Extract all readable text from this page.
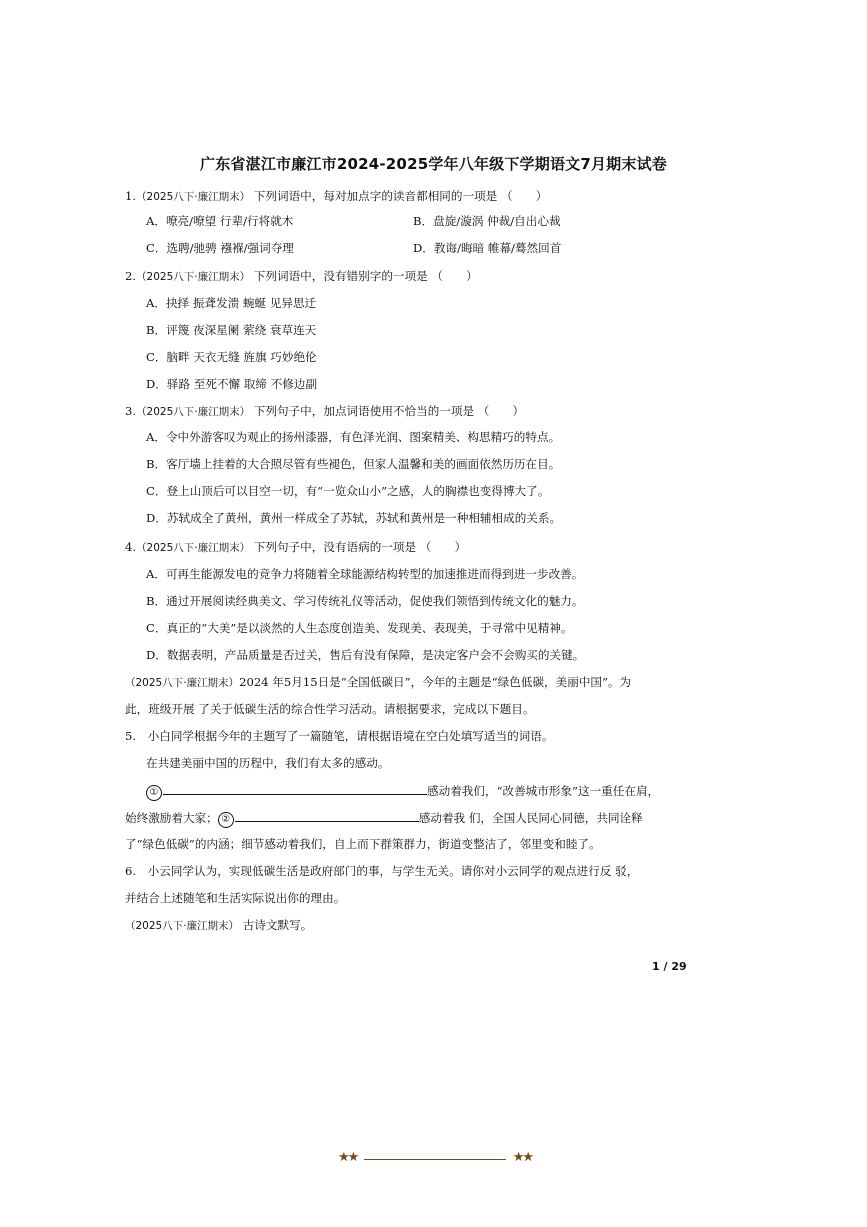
广东省湛江市廉江市2024-2025学年八年级下学期语文7月期末试卷
1.（2025八下·廉江期末） 下列词语中，每对加点字的读音都相同的一项是 （　　）
A．嘹亮/嘹望 行辈/行将就木	B．盘旋/漩涡 仲裁/自出心裁
C．选聘/驰骋 襁褓/强词夺理	D．教诲/晦暗 帷幕/蓦然回首
2.（2025八下·廉江期末） 下列词语中，没有错别字的一项是 （　　）
A．抉择 振聋发溃 蜿蜒 见异思迁
B．评篾 夜深星阑 萦绕 衰草连天
C．脑畔 天衣无缝 旌旗 巧妙绝伦
D．驿路 至死不懈 取缔 不修边副
3.（2025八下·廉江期末） 下列句子中，加点词语使用不恰当的一项是 （　　）
A．令中外游客叹为观止的扬州漆器，有色泽光润、图案精美、构思精巧的特点。
B．客厅墙上挂着的大合照尽管有些褪色，但家人温馨和美的画面依然历历在目。
C．登上山顶后可以目空一切，有“一览众山小”之感，人的胸襟也变得博大了。
D．苏轼成全了黄州，黄州一样成全了苏轼，苏轼和黄州是一种相辅相成的关系。
4.（2025八下·廉江期末） 下列句子中，没有语病的一项是 （　　）
A．可再生能源发电的竞争力将随着全球能源结构转型的加速推进而得到进一步改善。
B．通过开展阅读经典美文、学习传统礼仪等活动，促使我们领悟到传统文化的魅力。
C．真正的“大美”是以淡然的人生态度创造美、发现美、表现美，于寻常中见精神。
D．数据表明，产品质量是否过关，售后有没有保障，是决定客户会不会购买的关键。
（2025八下·廉江期末）2024 年5月15日是“全国低碳日”，今年的主题是“绿色低碳，美丽中国”。为
此，班级开展 了关于低碳生活的综合性学习活动。请根据要求，完成以下题目。
5.　小白同学根据今年的主题写了一篇随笔，请根据语境在空白处填写适当的词语。
在共建美丽中国的历程中，我们有太多的感动。
①	感动着我们，“改善城市形象”这一重任在肩，
始终激励着大家； ②	感动着我 们，全国人民同心同德，共同诠释
了“绿色低碳”的内涵；细节感动着我们，自上而下群策群力，街道变整洁了，邻里变和睦了。
6.　小云同学认为，实现低碳生活是政府部门的事，与学生无关。请你对小云同学的观点进行反 驳，
并结合上述随笔和生活实际说出你的理由。
（2025八下·廉江期末） 古诗文默写。
1 / 29
★★	★★
